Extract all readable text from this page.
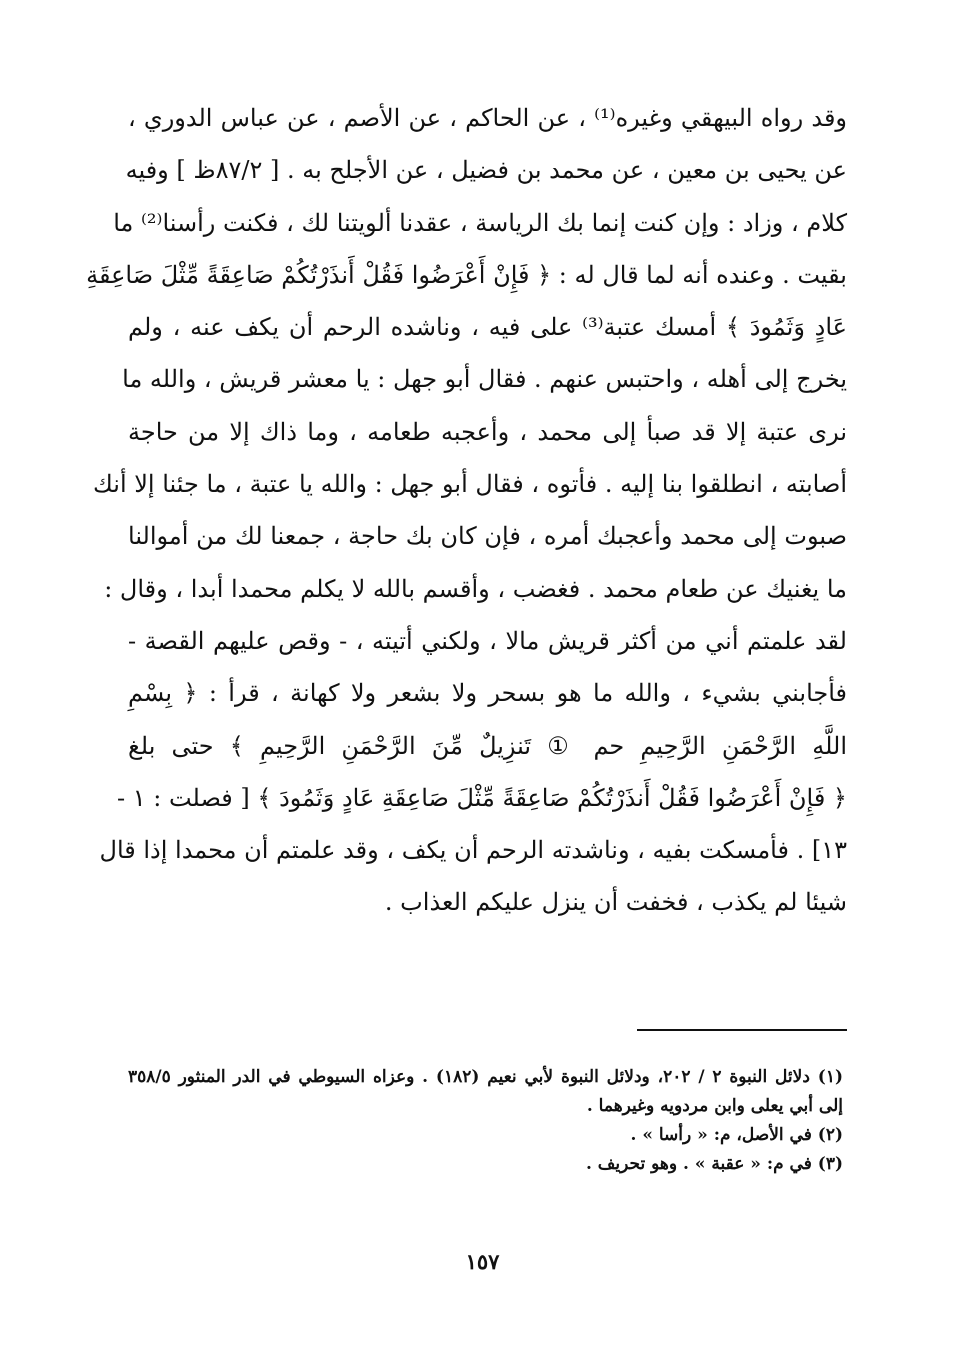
وقد رواه البيهقي وغيره⁽¹⁾ ، عن الحاكم ، عن الأصم ، عن عباس الدوري ،
عن يحيى بن معين ، عن محمد بن فضيل ، عن الأجلح به . [ ٨٧/٢ظ ] وفيه
كلام ، وزاد : وإن كنت إنما بك الرياسة ، عقدنا ألويتنا لك ، فكنت رأسنا⁽²⁾ ما
بقيت . وعنده أنه لما قال له : ﴿ فَإِنْ أَعْرَضُوا فَقُلْ أَنذَرْتُكُمْ صَاعِقَةً مِّثْلَ صَاعِقَةِ
عَادٍ وَثَمُودَ ﴾ أمسك عتبة⁽³⁾ على فيه ، وناشده الرحم أن يكف عنه ، ولم
يخرج إلى أهله ، واحتبس عنهم . فقال أبو جهل : يا معشر قريش ، والله ما
نرى عتبة إلا قد صبأ إلى محمد ، وأعجبه طعامه ، وما ذاك إلا من حاجة
أصابته ، انطلقوا بنا إليه . فأتوه ، فقال أبو جهل : والله يا عتبة ، ما جئنا إلا أنك
صبوت إلى محمد وأعجبك أمره ، فإن كان بك حاجة ، جمعنا لك من أموالنا
ما يغنيك عن طعام محمد . فغضب ، وأقسم بالله لا يكلم محمدا أبدا ، وقال :
لقد علمتم أني من أكثر قريش مالا ، ولكني أتيته ، - وقص عليهم القصة -
فأجابني بشيء ، والله ما هو بسحر ولا بشعر ولا كهانة ، قرأ : ﴿ بِسْمِ
اللَّهِ الرَّحْمَنِ الرَّحِيمِ حم ① تَنزِيلٌ مِّنَ الرَّحْمَنِ الرَّحِيمِ ﴾ حتى بلغ
﴿ فَإِنْ أَعْرَضُوا فَقُلْ أَنذَرْتُكُمْ صَاعِقَةً مِّثْلَ صَاعِقَةِ عَادٍ وَثَمُودَ ﴾ [ فصلت : ١ -
١٣] . فأمسكت بفيه ، وناشدته الرحم أن يكف ، وقد علمتم أن محمدا إذا قال
شيئا لم يكذب ، فخفت أن ينزل عليكم العذاب .
(١) دلائل النبوة ٢ / ٢٠٢، ودلائل النبوة لأبي نعيم (١٨٢) . وعزاه السيوطي في الدر المنثور ٣٥٨/٥
إلى أبي يعلى وابن مردويه وغيرهما .
(٢) في الأصل، م: « رأسا » .
(٣) في م: « عقبة » . وهو تحريف .
١٥٧
